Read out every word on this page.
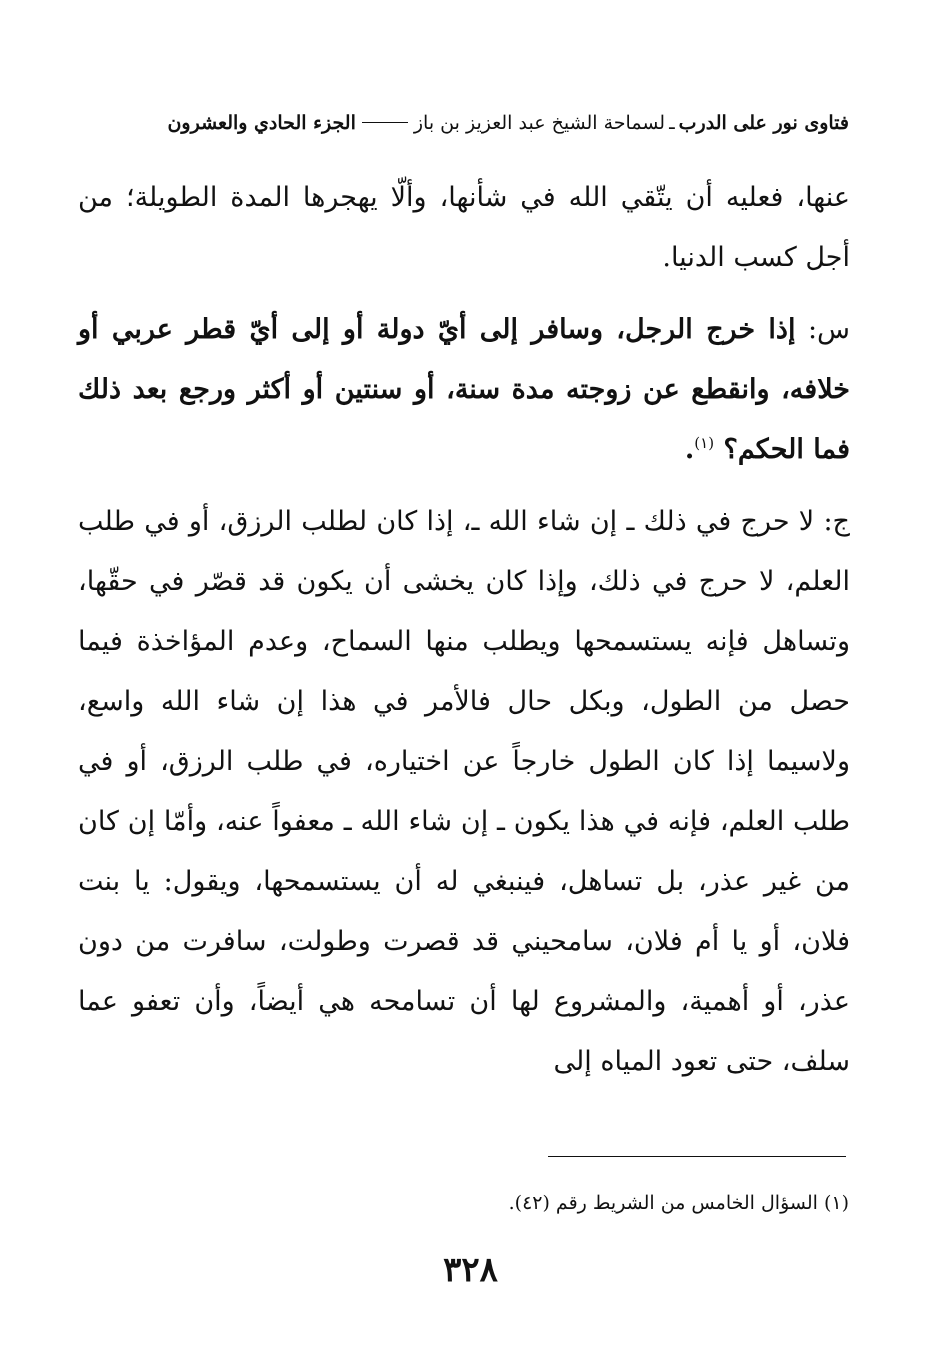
فتاوى نور على الدرب
ـ
لسماحة الشيخ عبد العزيز بن باز
الجزء الحادي والعشرون

عنها، فعليه أن يتّقي الله في شأنها، وألّا يهجرها المدة الطويلة؛ من أجل كسب الدنيا.

س: إذا خرج الرجل، وسافر إلى أيّ دولة أو إلى أيّ قطر عربي أو خلافه، وانقطع عن زوجته مدة سنة، أو سنتين أو أكثر ورجع بعد ذلك فما الحكم؟ $^{(١)}$.

ج: لا حرج في ذلك ـ إن شاء الله ـ، إذا كان لطلب الرزق، أو في طلب العلم، لا حرج في ذلك، وإذا كان يخشى أن يكون قد قصّر في حقّها، وتساهل فإنه يستسمحها ويطلب منها السماح، وعدم المؤاخذة فيما حصل من الطول، وبكل حال فالأمر في هذا إن شاء الله واسع، ولاسيما إذا كان الطول خارجاً عن اختياره، في طلب الرزق، أو في طلب العلم، فإنه في هذا يكون ـ إن شاء الله ـ معفواً عنه، وأمّا إن كان من غير عذر، بل تساهل، فينبغي له أن يستسمحها، ويقول: يا بنت فلان، أو يا أم فلان، سامحيني قد قصرت وطولت، سافرت من دون عذر، أو أهمية، والمشروع لها أن تسامحه هي أيضاً، وأن تعفو عما سلف، حتى تعود المياه إلى

(١) السؤال الخامس من الشريط رقم (٤٢).
٣٢٨
